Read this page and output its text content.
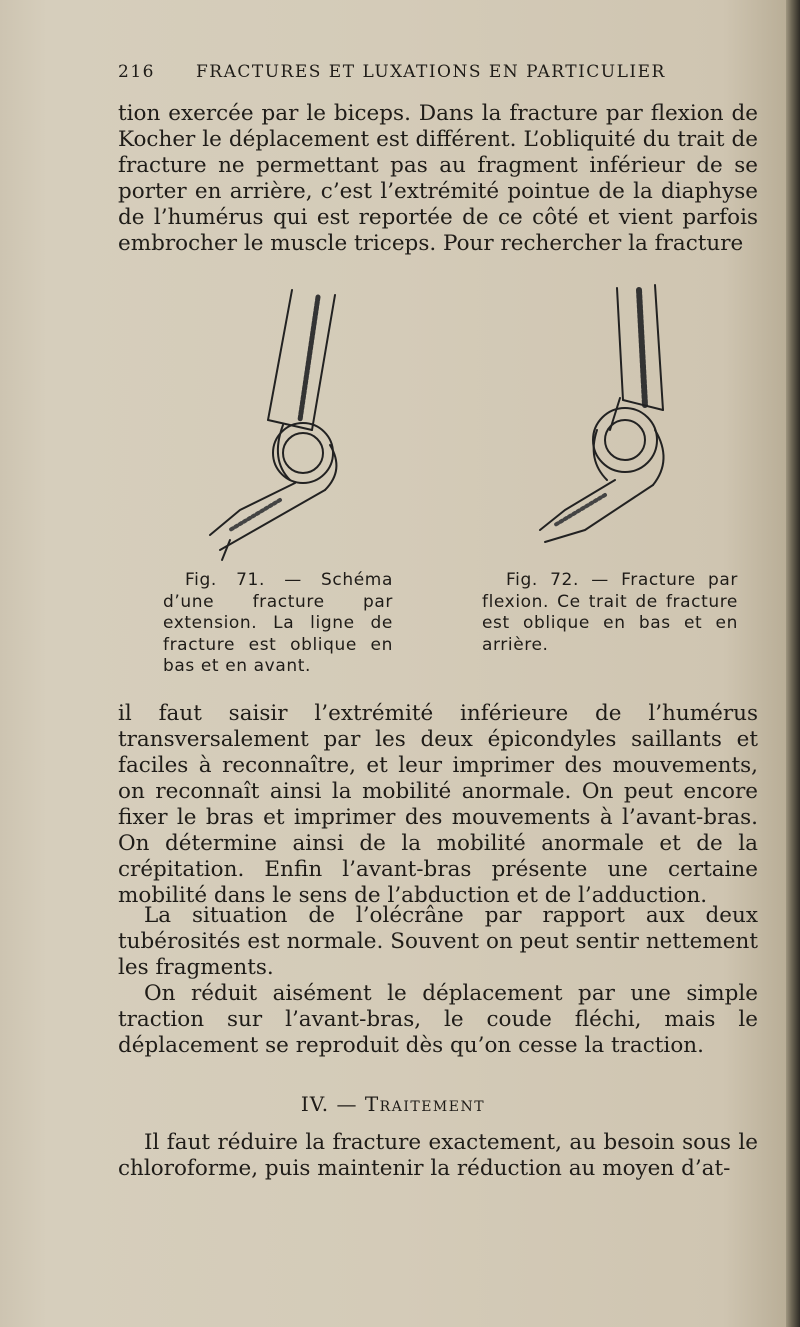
216 FRACTURES ET LUXATIONS EN PARTICULIER

tion exercée par le biceps. Dans la fracture par flexion de Kocher le déplacement est différent. L’obliquité du trait de fracture ne permettant pas au fragment inférieur de se porter en arrière, c’est l’extrémité pointue de la diaphyse de l’humérus qui est reportée de ce côté et vient parfois embrocher le muscle triceps. Pour rechercher la fracture

Fig. 71. — Schéma d’une fracture par extension. La ligne de fracture est oblique en bas et en avant.

Fig. 72. — Fracture par flexion. Ce trait de fracture est oblique en bas et en arrière.

il faut saisir l’extrémité inférieure de l’humérus transversalement par les deux épicondyles saillants et faciles à reconnaître, et leur imprimer des mouvements, on reconnaît ainsi la mobilité anormale. On peut encore fixer le bras et imprimer des mouvements à l’avant-bras. On détermine ainsi de la mobilité anormale et de la crépitation. Enfin l’avant-bras présente une certaine mobilité dans le sens de l’abduction et de l’adduction.

La situation de l’olécrâne par rapport aux deux tubérosités est normale. Souvent on peut sentir nettement les fragments.

On réduit aisément le déplacement par une simple traction sur l’avant-bras, le coude fléchi, mais le déplacement se reproduit dès qu’on cesse la traction.

IV. — Traitement

Il faut réduire la fracture exactement, au besoin sous le chloroforme, puis maintenir la réduction au moyen d’at-
